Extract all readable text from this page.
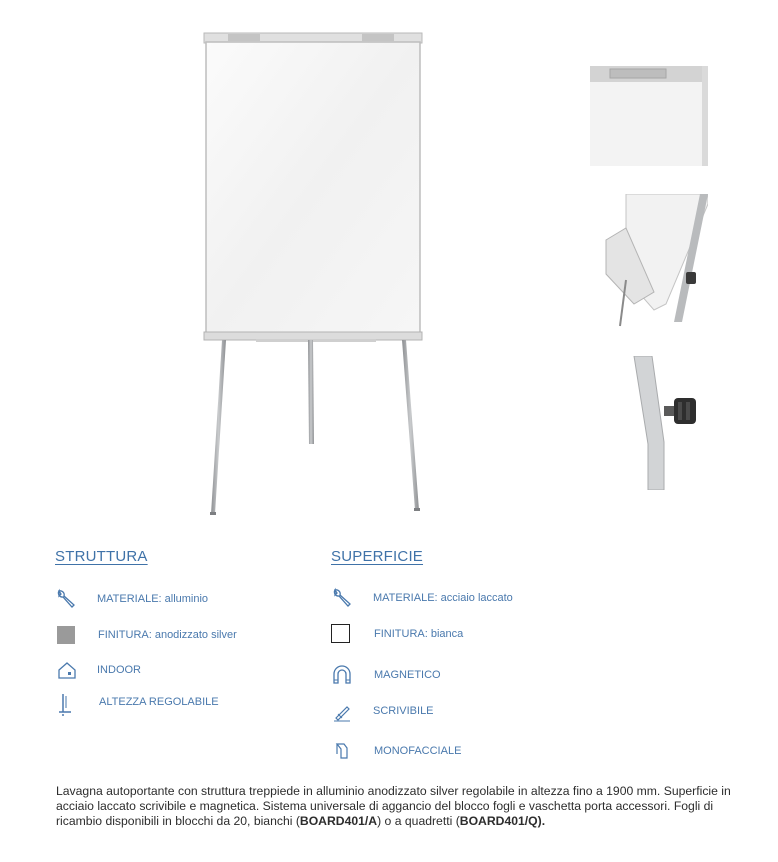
STRUTTURA
MATERIALE: alluminio
FINITURA: anodizzato silver
INDOOR
ALTEZZA REGOLABILE
SUPERFICIE
MATERIALE: acciaio laccato
FINITURA: bianca
MAGNETICO
SCRIVIBILE
MONOFACCIALE
Lavagna autoportante con struttura treppiede in alluminio anodizzato silver regolabile in altezza fino a 1900 mm. Superficie in acciaio laccato scrivibile e magnetica. Sistema universale di aggancio del blocco fogli e vaschetta porta accessori. Fogli di ricambio disponibili in blocchi da 20, bianchi (BOARD401/A) o a quadretti (BOARD401/Q).
